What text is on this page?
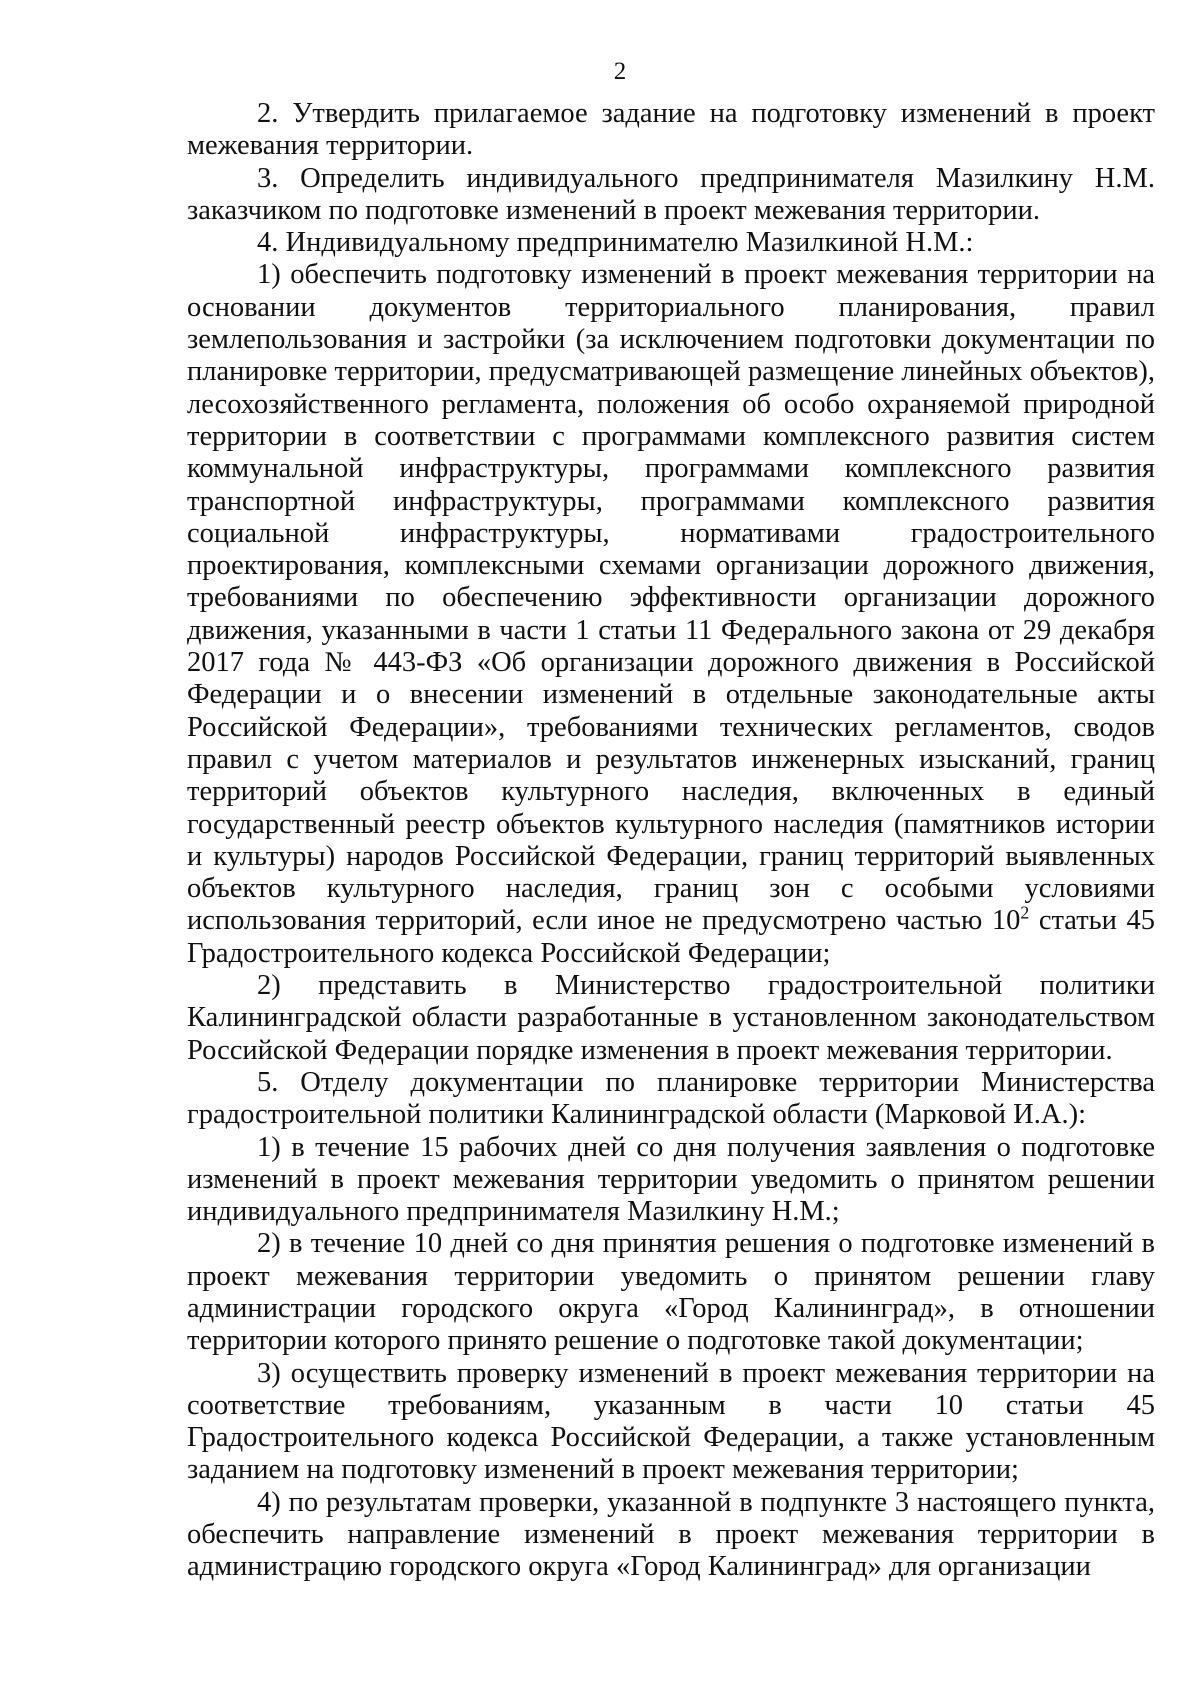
2

2. Утвердить прилагаемое задание на подготовку изменений в проект межевания территории.

3. Определить индивидуального предпринимателя Мазилкину Н.М. заказчиком по подготовке изменений в проект межевания территории.

4. Индивидуальному предпринимателю Мазилкиной Н.М.:

1) обеспечить подготовку изменений в проект межевания территории на основании документов территориального планирования, правил землепользования и застройки (за исключением подготовки документации по планировке территории, предусматривающей размещение линейных объектов), лесохозяйственного регламента, положения об особо охраняемой природной территории в соответствии с программами комплексного развития систем коммунальной инфраструктуры, программами комплексного развития транспортной инфраструктуры, программами комплексного развития социальной инфраструктуры, нормативами градостроительного проектирования, комплексными схемами организации дорожного движения, требованиями по обеспечению эффективности организации дорожного движения, указанными в части 1 статьи 11 Федерального закона от 29 декабря 2017 года № 443-ФЗ «Об организации дорожного движения в Российской Федерации и о внесении изменений в отдельные законодательные акты Российской Федерации», требованиями технических регламентов, сводов правил с учетом материалов и результатов инженерных изысканий, границ территорий объектов культурного наследия, включенных в единый государственный реестр объектов культурного наследия (памятников истории и культуры) народов Российской Федерации, границ территорий выявленных объектов культурного наследия, границ зон с особыми условиями использования территорий, если иное не предусмотрено частью $10^2$ статьи 45 Градостроительного кодекса Российской Федерации;

2) представить в Министерство градостроительной политики Калининградской области разработанные в установленном законодательством Российской Федерации порядке изменения в проект межевания территории.

5. Отделу документации по планировке территории Министерства градостроительной политики Калининградской области (Марковой И.А.):

1) в течение 15 рабочих дней со дня получения заявления о подготовке изменений в проект межевания территории уведомить о принятом решении индивидуального предпринимателя Мазилкину Н.М.;

2) в течение 10 дней со дня принятия решения о подготовке изменений в проект межевания территории уведомить о принятом решении главу администрации городского округа «Город Калининград», в отношении территории которого принято решение о подготовке такой документации;

3) осуществить проверку изменений в проект межевания территории на соответствие требованиям, указанным в части 10 статьи 45 Градостроительного кодекса Российской Федерации, а также установленным заданием на подготовку изменений в проект межевания территории;

4) по результатам проверки, указанной в подпункте 3 настоящего пункта, обеспечить направление изменений в проект межевания территории в администрацию городского округа «Город Калининград» для организации
